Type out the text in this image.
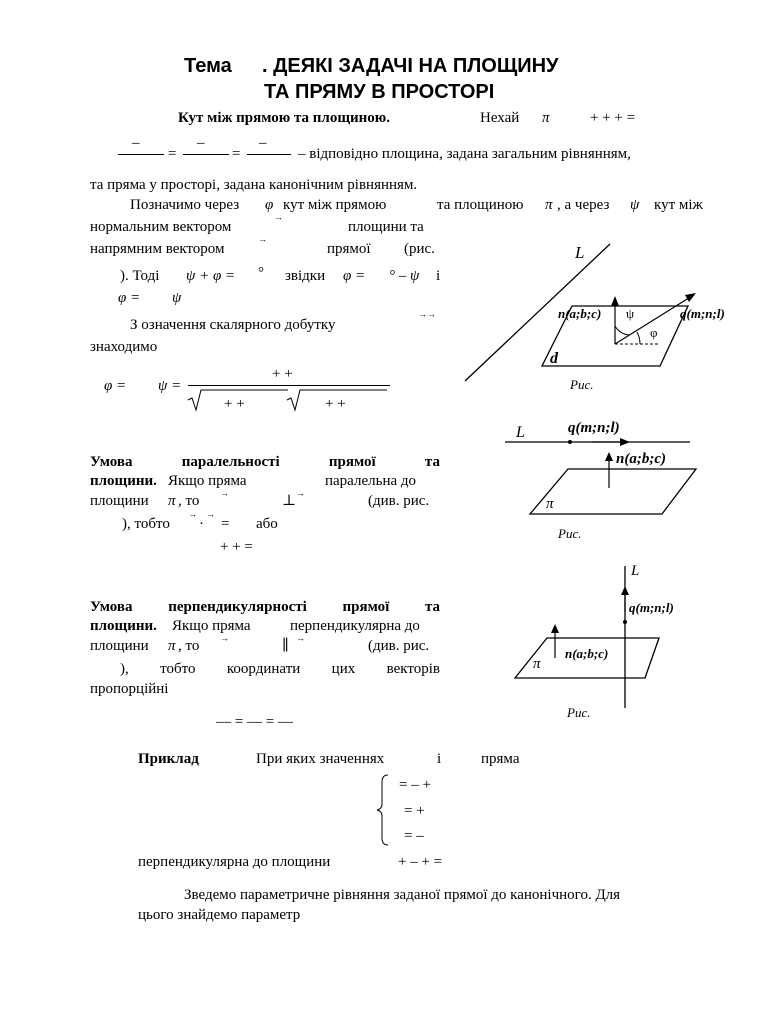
Тема . ДЕЯКІ ЗАДАЧІ НА ПЛОЩИНУ
ТА ПРЯМУ В ПРОСТОРІ
Кут між прямою та площиною.	Нехай π	+ + + =
–	–	–
=	=	– відповідно площина, задана загальним рівнянням,
та пряма у просторі, задана канонічним рівнянням.
Позначимо через φ кут між прямою	та площиною π , а через ψ кут між
нормальним вектором
→
площини та
напрямним вектором
→
прямої (рис.
). Тоді ψ + φ = ° звідки φ = ° – ψ і
φ = ψ
З означення скалярного добутку
→→
знаходимо
φ = ψ =
+ +
+ +	+ +
Умова паралельності прямої та
площини. Якщо пряма	паралельна до
площини π , то →	⊥ →	(див. рис.
), тобто
→
·
→
= або
+ + =
Умова перпендикулярності прямої та
площини. Якщо пряма	перпендикулярна до
площини π , то →	∥ →	(див. рис.
), тобто координати цих векторів
пропорційні
— = — = —
Приклад	При яких значеннях	і	пряма
= – +
= +
= –
перпендикулярна до площини	+ – + =
Зведемо параметричне рівняння заданої прямої до канонічного. Для
цього знайдемо параметр
L
d
ψ
φ
n(a;b;c)	q(m;n;l)
Рис.
L	q(m;n;l)
π
n(a;b;c)
Рис.
L
q(m;n;l)
π
n(a;b;c)
Рис.
